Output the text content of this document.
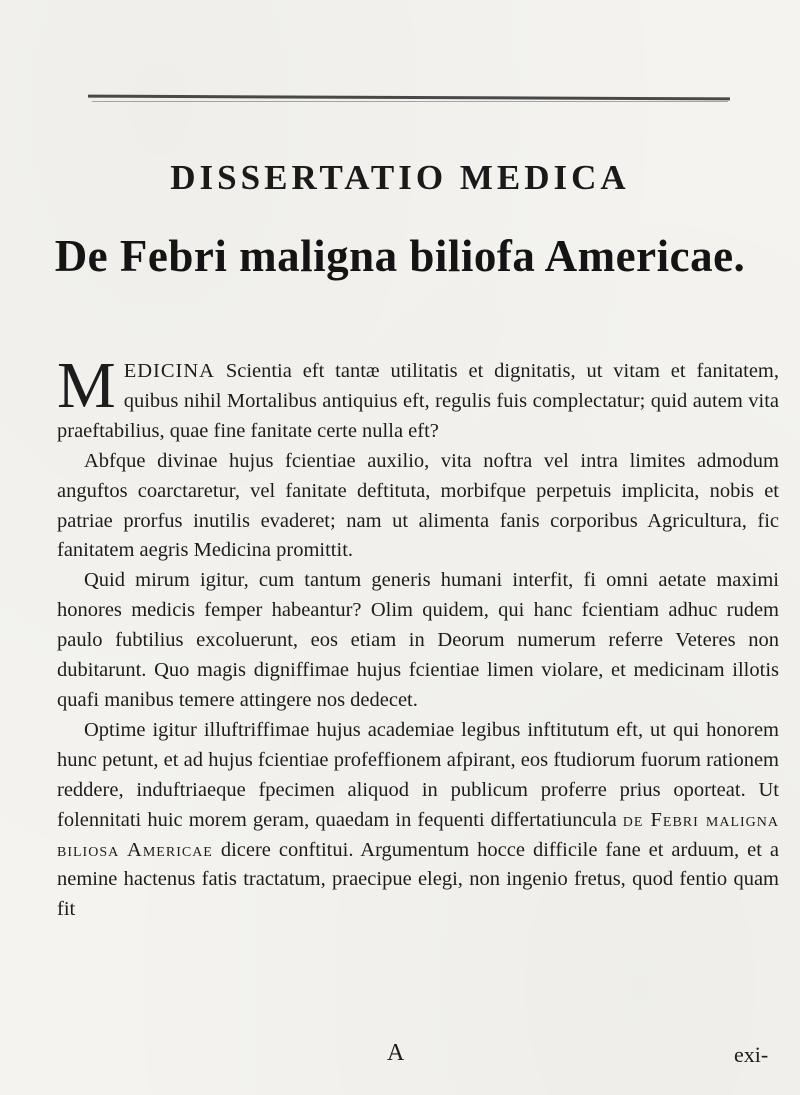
DISSERTATIO MEDICA
De Febri maligna biliofa Americae.

MEDICINA Scientia eft tantæ utilitatis et dignitatis, ut vitam et fanitatem, quibus nihil Mortalibus antiquius eft, regulis fuis complectatur; quid autem vita praeftabilius, quae fine fanitate certe nulla eft?

Abfque divinae hujus fcientiae auxilio, vita noftra vel intra limites admodum anguftos coarctaretur, vel fanitate deftituta, morbifque perpetuis implicita, nobis et patriae prorfus inutilis evaderet; nam ut alimenta fanis corporibus Agricultura, fic fanitatem aegris Medicina promittit.

Quid mirum igitur, cum tantum generis humani interfit, fi omni aetate maximi honores medicis femper habeantur? Olim quidem, qui hanc fcientiam adhuc rudem paulo fubtilius excoluerunt, eos etiam in Deorum numerum referre Veteres non dubitarunt. Quo magis digniffimae hujus fcientiae limen violare, et medicinam illotis quafi manibus temere attingere nos dedecet.

Optime igitur illuftriffimae hujus academiae legibus inftitutum eft, ut qui honorem hunc petunt, et ad hujus fcientiae profeffionem afpirant, eos ftudiorum fuorum rationem reddere, induftriaeque fpecimen aliquod in publicum proferre prius oporteat. Ut folennitati huic morem geram, quaedam in fequenti differtatiuncula de Febri maligna biliosa Americae dicere conftitui. Argumentum hocce difficile fane et arduum, et a nemine hactenus fatis tractatum, praecipue elegi, non ingenio fretus, quod fentio quam fit

A	exi-
